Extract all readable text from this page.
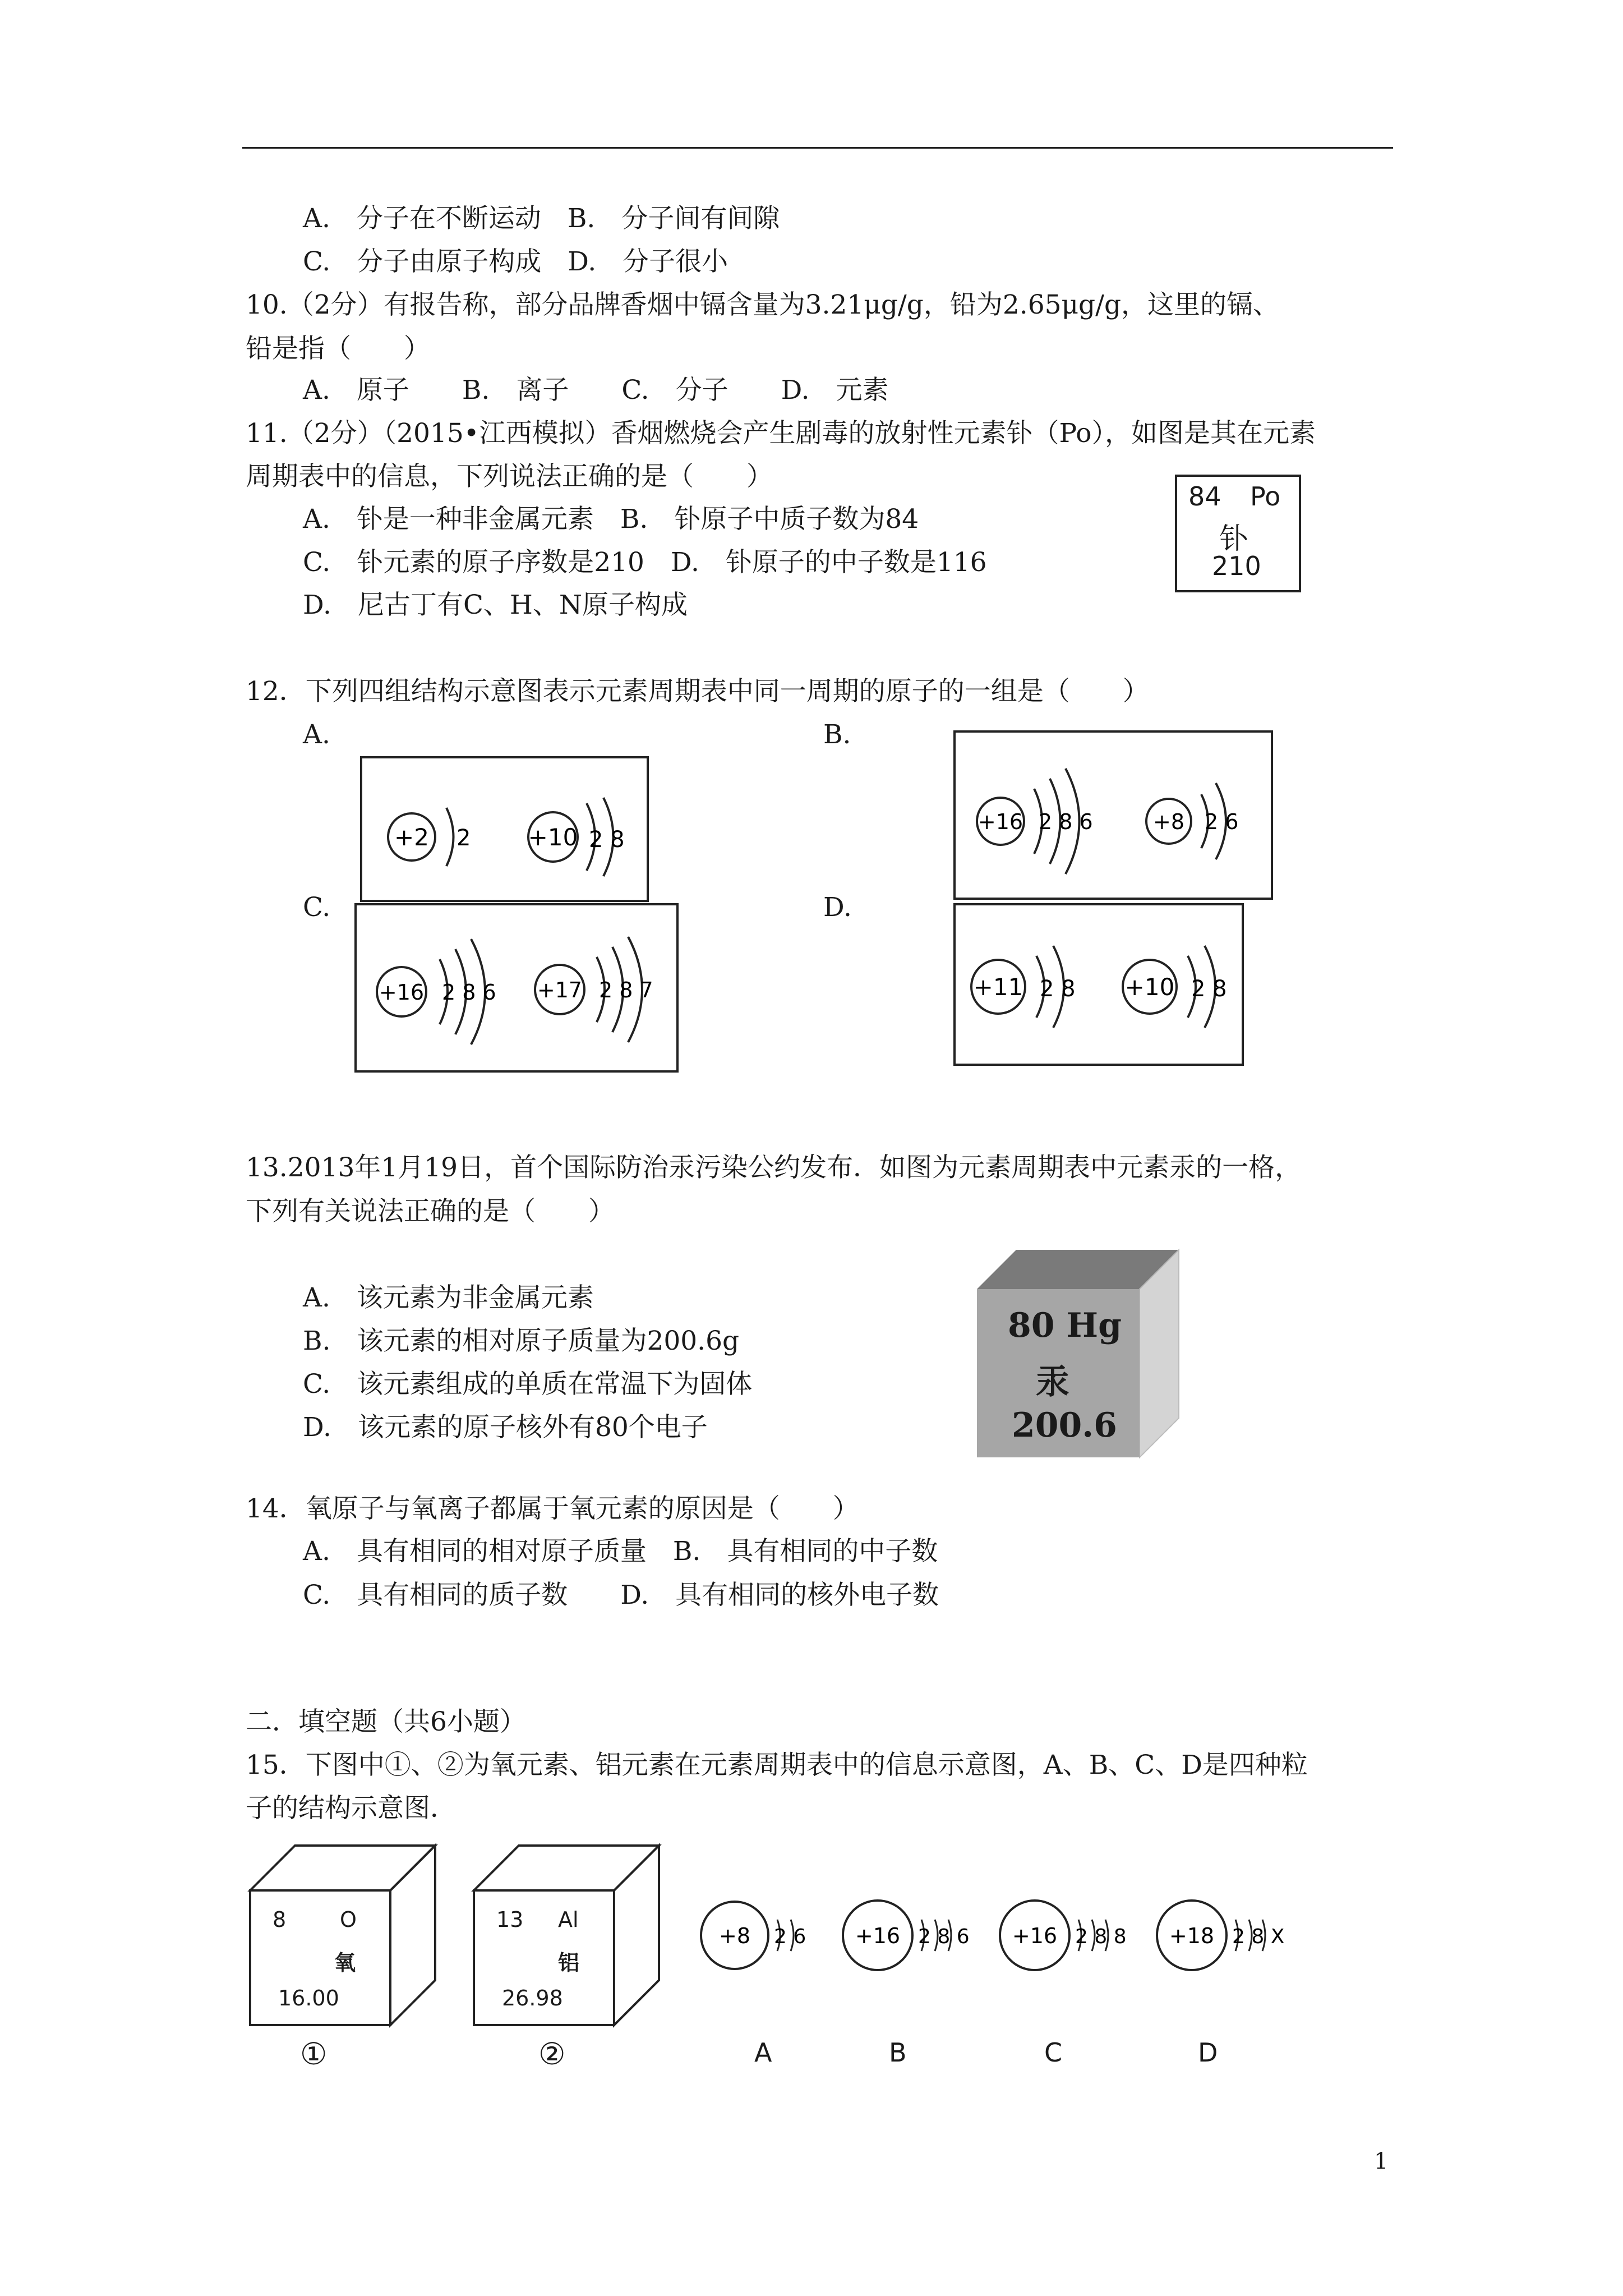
A.　分子在不断运动　B.　分子间有间隙
C.　分子由原子构成　D.　分子很小
10.（2分）有报告称，部分品牌香烟中镉含量为3.21μg/g，铅为2.65μg/g，这里的镉、
铅是指（　　）
A.　原子　　B.　离子　　C.　分子　　D.　元素
11.（2分）（2015•江西模拟）香烟燃烧会产生剧毒的放射性元素钋（Po），如图是其在元素
周期表中的信息，下列说法正确的是（　　）
A.　钋是一种非金属元素　B.　钋原子中质子数为84
C.　钋元素的原子序数是210　D.　钋原子的中子数是116
D.　尼古丁有C、H、N原子构成
84 Po
钋
210
12．下列四组结构示意图表示元素周期表中同一周期的原子的一组是（　　）
A.	B.
C.	D.
+2 2 +10 2 8
+16 2 8 6	+8 2 6
+16 2 8 6 +17 2 8 7	+11 2 8 +10 2 8
13.2013年1月19日，首个国际防治汞污染公约发布．如图为元素周期表中元素汞的一格，
下列有关说法正确的是（　　）
A.　该元素为非金属元素
B.　该元素的相对原子质量为200.6g
C.　该元素组成的单质在常温下为固体
D.　该元素的原子核外有80个电子
80 Hg
汞
200.6
14．氧原子与氧离子都属于氧元素的原因是（　　）
A.　具有相同的相对原子质量　B.　具有相同的中子数
C.　具有相同的质子数　　D.　具有相同的核外电子数
二．填空题（共6小题）
15．下图中①、②为氧元素、铝元素在元素周期表中的信息示意图，A、B、C、D是四种粒
子的结构示意图．
8	O
氧
16.00
①
13 Al
铝
26.98
②
+8 2 6 +16 2 8 6 +16 2 8 8 +18 2 8 X
A	B	C	D
1
